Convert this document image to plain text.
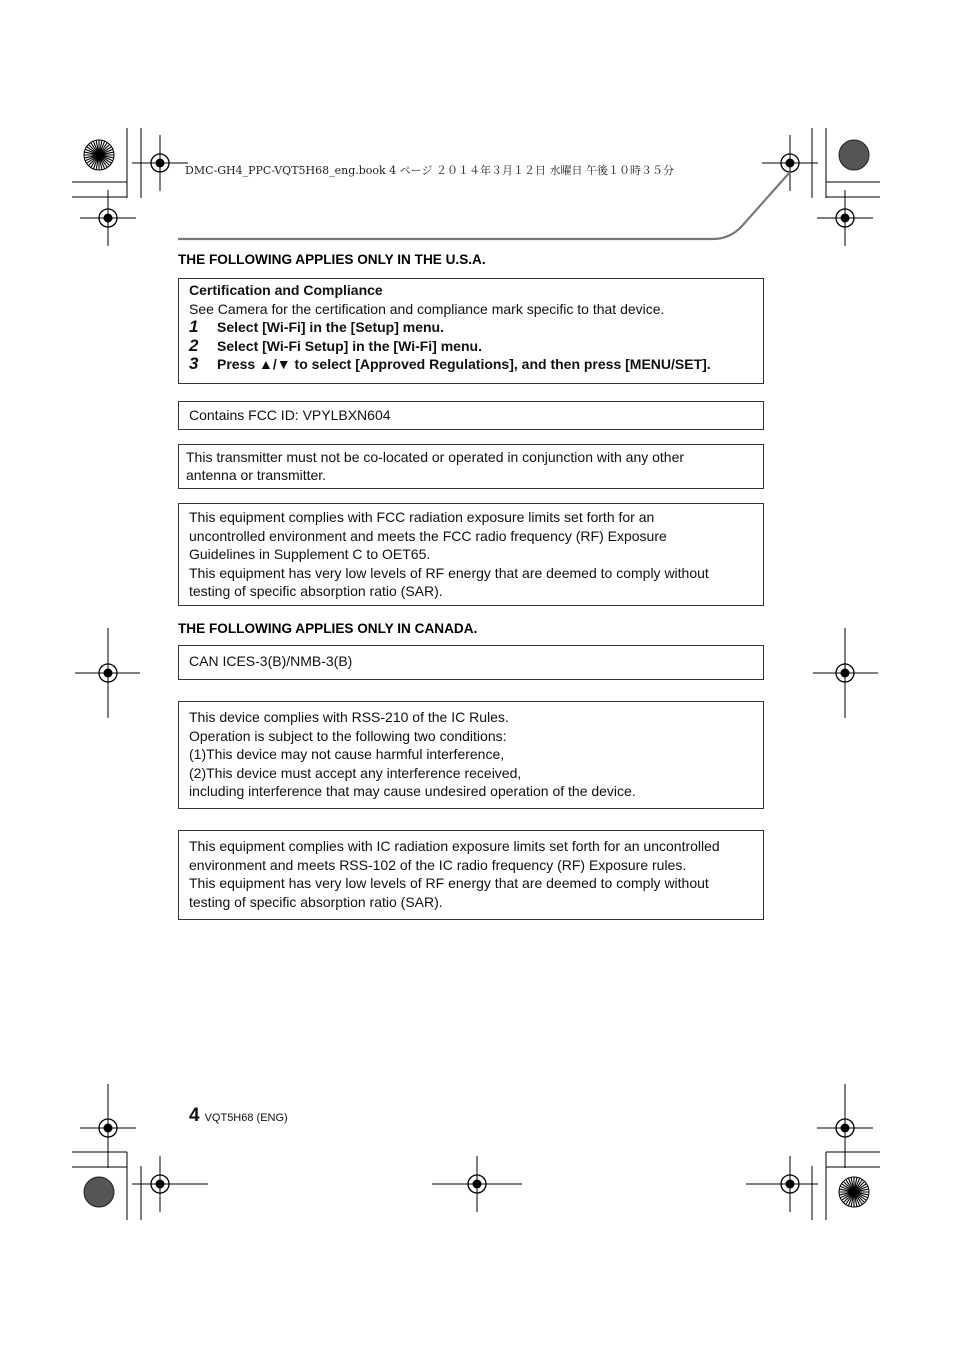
DMC-GH4_PPC-VQT5H68_eng.book 4 ページ ２０１４年３月１２日 水曜日 午後１０時３５分
THE FOLLOWING APPLIES ONLY IN THE U.S.A.

Certification and Compliance

See Camera for the certification and compliance mark specific to that device.

1	Select [Wi-Fi] in the [Setup] menu.
2	Select [Wi-Fi Setup] in the [Wi-Fi] menu.
3	Press ▲/▼ to select [Approved Regulations], and then press [MENU/SET].

Contains FCC ID: VPYLBXN604

This transmitter must not be co-located or operated in conjunction with any other

antenna or transmitter.

This equipment complies with FCC radiation exposure limits set forth for an

uncontrolled environment and meets the FCC radio frequency (RF) Exposure

Guidelines in Supplement C to OET65.

This equipment has very low levels of RF energy that are deemed to comply without

testing of specific absorption ratio (SAR).

THE FOLLOWING APPLIES ONLY IN CANADA.

CAN ICES-3(B)/NMB-3(B)

This device complies with RSS-210 of the IC Rules.

Operation is subject to the following two conditions:

(1)This device may not cause harmful interference,

(2)This device must accept any interference received,

including interference that may cause undesired operation of the device.

This equipment complies with IC radiation exposure limits set forth for an uncontrolled

environment and meets RSS-102 of the IC radio frequency (RF) Exposure rules.

This equipment has very low levels of RF energy that are deemed to comply without

testing of specific absorption ratio (SAR).

4 VQT5H68 (ENG)
